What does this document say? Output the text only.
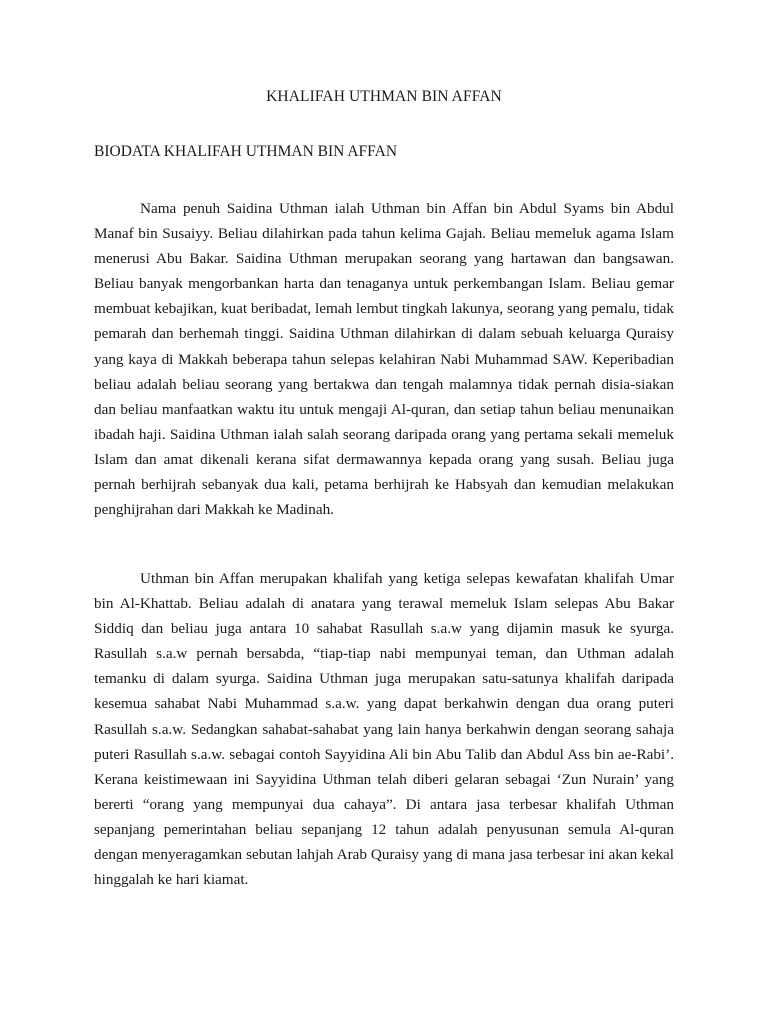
KHALIFAH UTHMAN BIN AFFAN
BIODATA KHALIFAH UTHMAN BIN AFFAN

Nama penuh Saidina Uthman ialah Uthman bin Affan bin Abdul Syams bin Abdul Manaf bin Susaiyy. Beliau dilahirkan pada tahun kelima Gajah. Beliau memeluk agama Islam menerusi Abu Bakar. Saidina Uthman merupakan seorang yang hartawan dan bangsawan. Beliau banyak mengorbankan harta dan tenaganya untuk perkembangan Islam. Beliau gemar membuat kebajikan, kuat beribadat, lemah lembut tingkah lakunya, seorang yang pemalu, tidak pemarah dan berhemah tinggi. Saidina Uthman dilahirkan di dalam sebuah keluarga Quraisy yang kaya di Makkah beberapa tahun selepas kelahiran Nabi Muhammad SAW. Keperibadian beliau adalah beliau seorang yang bertakwa dan tengah malamnya tidak pernah disia-siakan dan beliau manfaatkan waktu itu untuk mengaji Al-quran, dan setiap tahun beliau menunaikan ibadah haji. Saidina Uthman ialah salah seorang daripada orang yang pertama sekali memeluk Islam dan amat dikenali kerana sifat dermawannya kepada orang yang susah. Beliau juga pernah berhijrah sebanyak dua kali, petama berhijrah ke Habsyah dan kemudian melakukan penghijrahan dari Makkah ke Madinah.

Uthman bin Affan merupakan khalifah yang ketiga selepas kewafatan khalifah Umar bin Al-Khattab. Beliau adalah di anatara yang terawal memeluk Islam selepas Abu Bakar Siddiq dan beliau juga antara 10 sahabat Rasullah s.a.w yang dijamin masuk ke syurga. Rasullah s.a.w pernah bersabda, “tiap-tiap nabi mempunyai teman, dan Uthman adalah temanku di dalam syurga. Saidina Uthman juga merupakan satu-satunya khalifah daripada kesemua sahabat Nabi Muhammad s.a.w. yang dapat berkahwin dengan dua orang puteri Rasullah s.a.w. Sedangkan sahabat-sahabat yang lain hanya berkahwin dengan seorang sahaja puteri Rasullah s.a.w. sebagai contoh Sayyidina Ali bin Abu Talib dan Abdul Ass bin ae-Rabi’. Kerana keistimewaan ini Sayyidina Uthman telah diberi gelaran sebagai ‘Zun Nurain’ yang bererti “orang yang mempunyai dua cahaya”. Di antara jasa terbesar khalifah Uthman sepanjang pemerintahan beliau sepanjang 12 tahun adalah penyusunan semula Al-quran dengan menyeragamkan sebutan lahjah Arab Quraisy yang di mana jasa terbesar ini akan kekal hinggalah ke hari kiamat.
